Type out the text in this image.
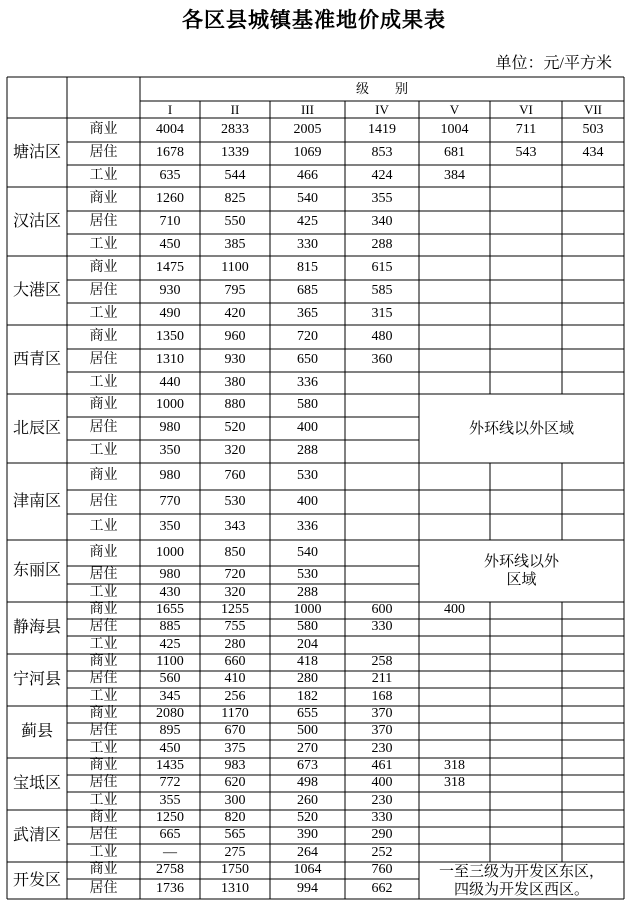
各区县城镇基准地价成果表
单位：元/平方米
级　　别
I	II	III	IV	V	VI	VII
塘沽区
商业	4004	2833	2005	1419	1004	711	503
居住	1678	1339	1069	853	681	543	434
工业	635	544	466	424	384
汉沽区
商业	1260	825	540	355
居住	710	550	425	340
工业	450	385	330	288
大港区
商业	1475	1100	815	615
居住	930	795	685	585
工业	490	420	365	315
西青区
商业	1350	960	720	480
居住	1310	930	650	360
工业	440	380	336
北辰区
商业	1000	880	580
居住	980	520	400
工业	350	320	288
外环线以外区域
津南区
商业	980	760	530
居住	770	530	400
工业	350	343	336
东丽区
商业	1000	850	540
居住	980	720	530
工业	430	320	288
外环线以外
区域
静海县
商业	1655	1255	1000	600	400
居住	885	755	580	330
工业	425	280	204
宁河县
商业	1100	660	418	258
居住	560	410	280	211
工业	345	256	182	168
蓟县
商业	2080	1170	655	370
居住	895	670	500	370
工业	450	375	270	230
宝坻区
商业	1435	983	673	461	318
居住	772	620	498	400	318
工业	355	300	260	230
武清区
商业	1250	820	520	330
居住	665	565	390	290
工业	—	275	264	252
开发区
商业	2758	1750	1064	760
居住	1736	1310	994	662
一至三级为开发区东区，
四级为开发区西区。
